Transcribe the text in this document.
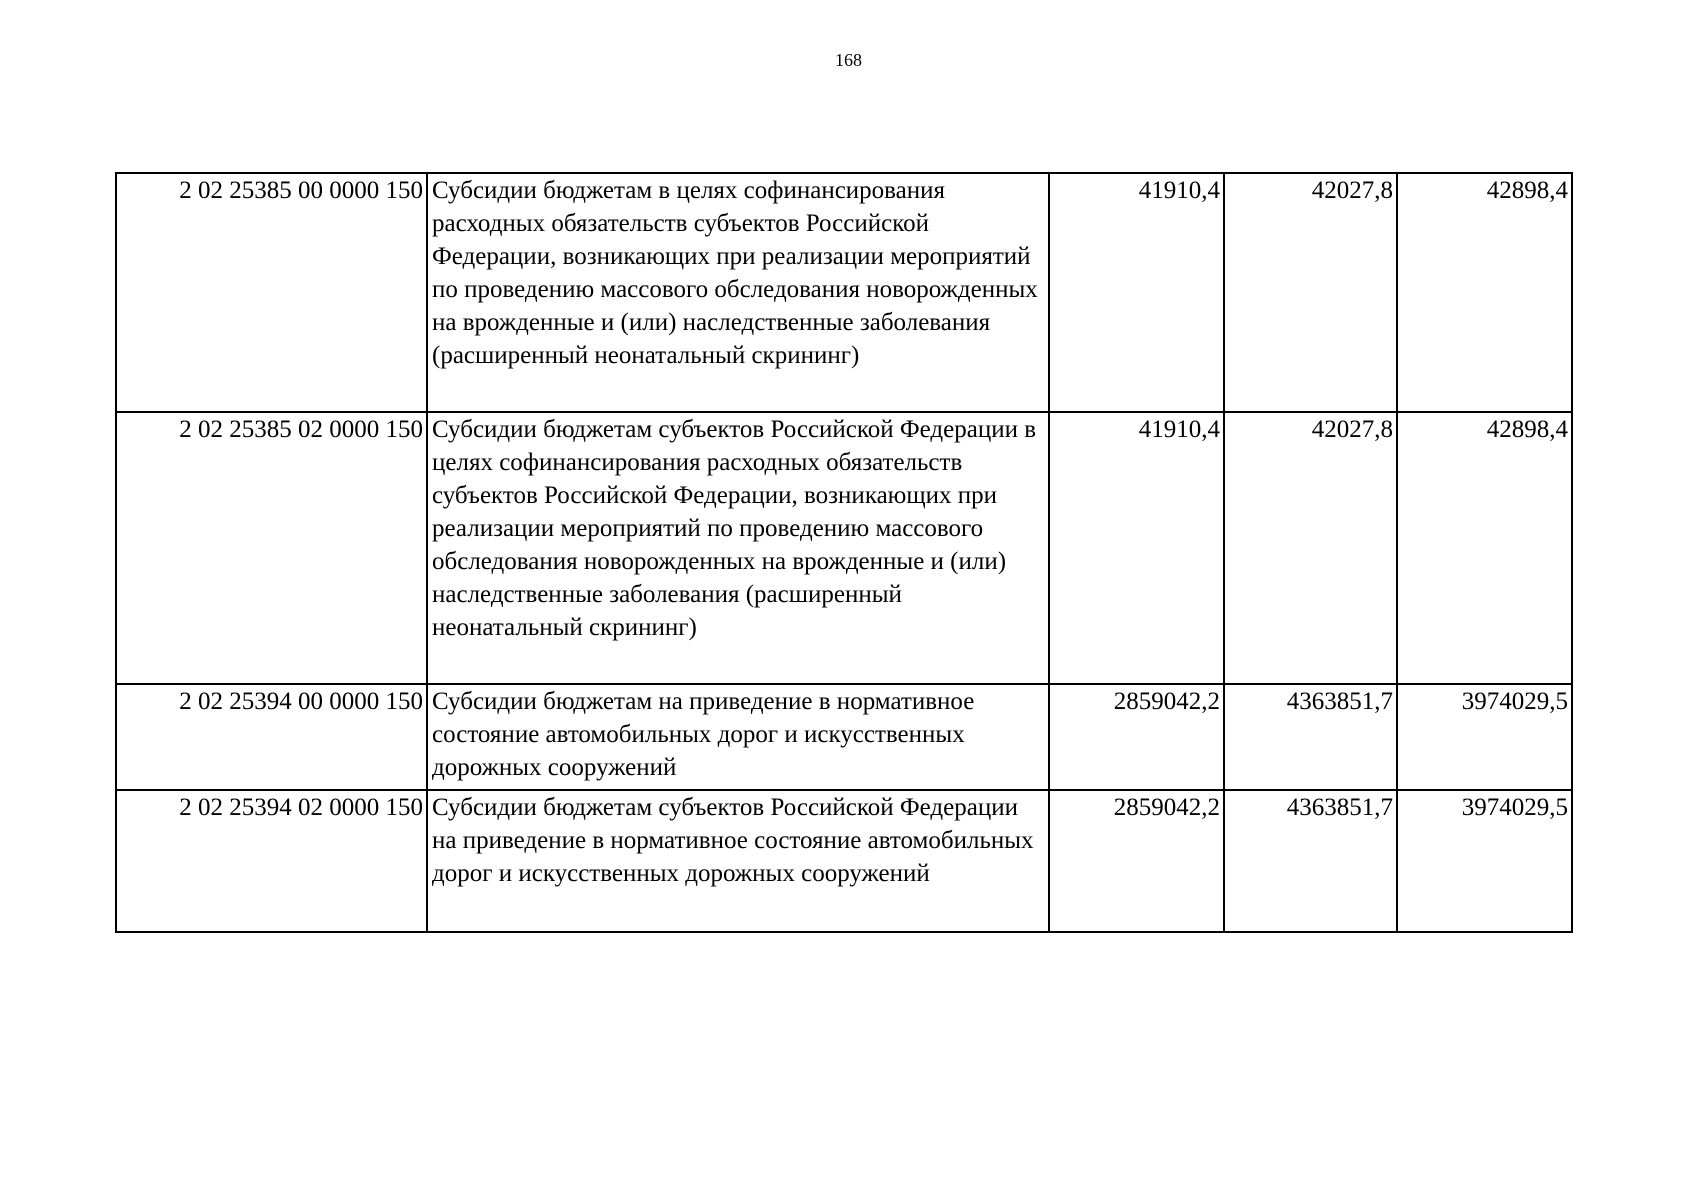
168
2 02 25385 00 0000 150	Субсидии бюджетам в целях софинансирования расходных обязательств субъектов Российской Федерации, возникающих при реализации мероприятий по проведению массового обследования новорожденных на врожденные и (или) наследственные заболевания (расширенный неонатальный скрининг)	41910,4	42027,8	42898,4
2 02 25385 02 0000 150	Субсидии бюджетам субъектов Российской Федерации в целях софинансирования расходных обязательств субъектов Российской Федерации, возникающих при реализации мероприятий по проведению массового обследования новорожденных на врожденные и (или) наследственные заболевания (расширенный неонатальный скрининг)	41910,4	42027,8	42898,4
2 02 25394 00 0000 150	Субсидии бюджетам на приведение в нормативное состояние автомобильных дорог и искусственных дорожных сооружений	2859042,2	4363851,7	3974029,5
2 02 25394 02 0000 150	Субсидии бюджетам субъектов Российской Федерации на приведение в нормативное состояние автомобильных дорог и искусственных дорожных сооружений	2859042,2	4363851,7	3974029,5
